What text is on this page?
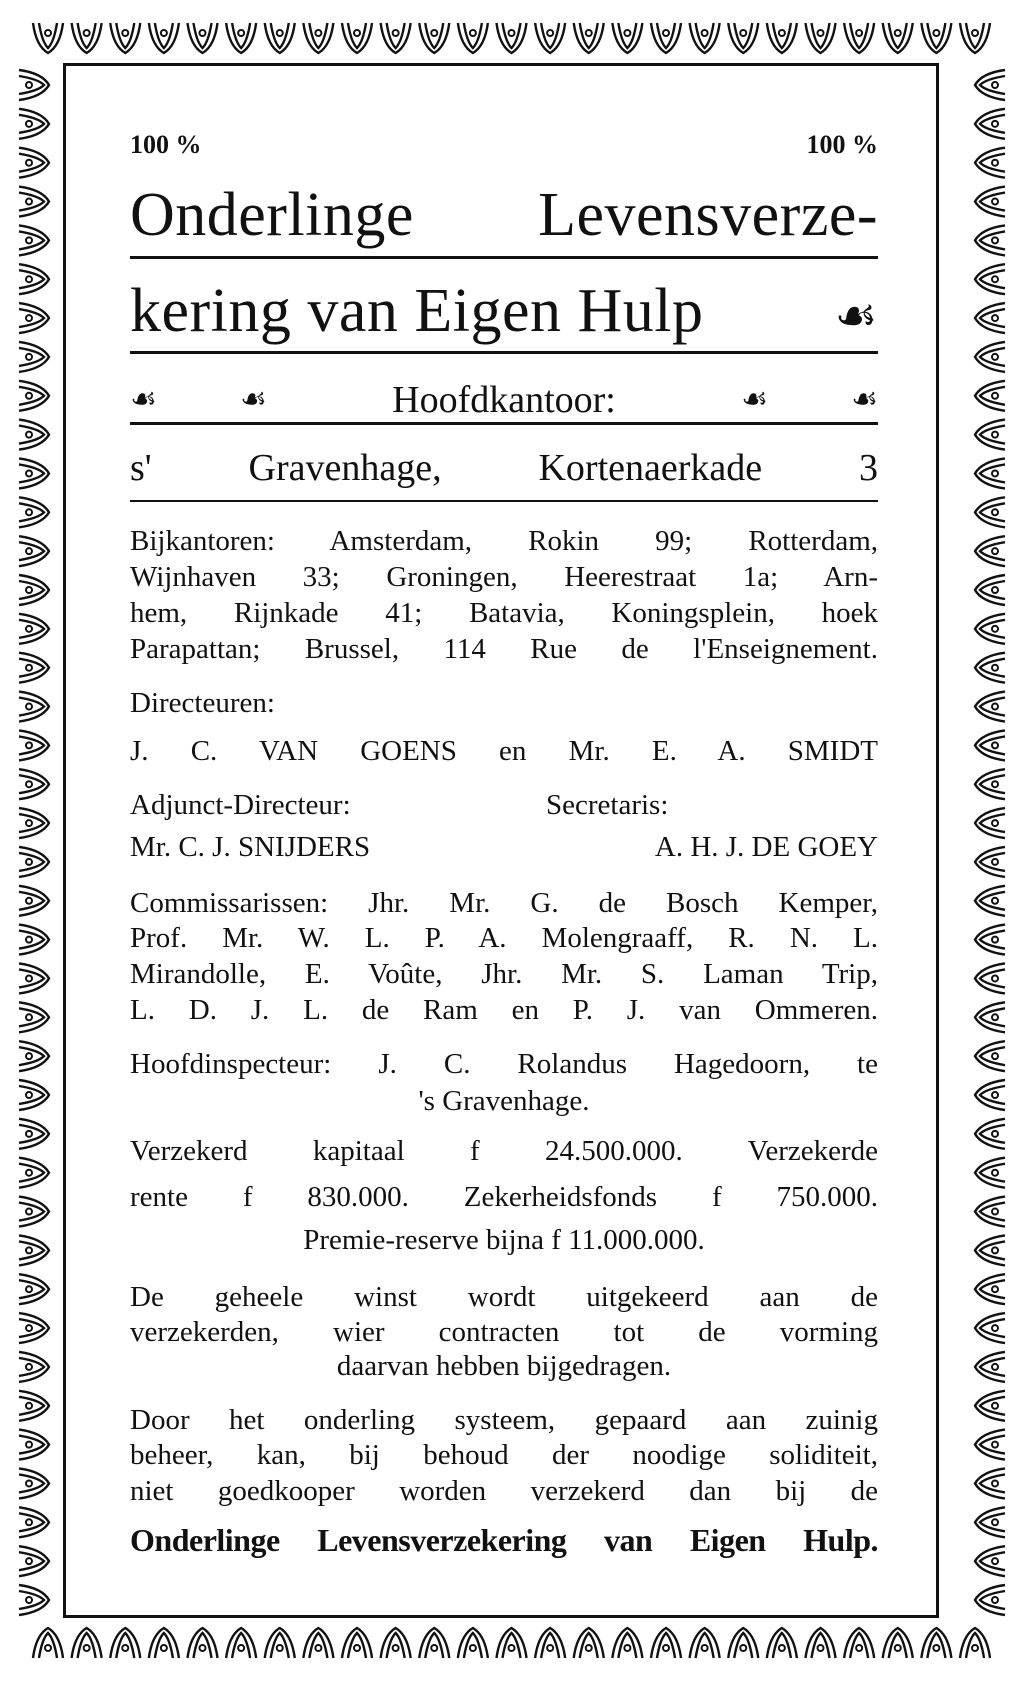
100 %	100 %
Onderlinge Levensverze-
kering van Eigen Hulp	☙
☙	☙	Hoofdkantoor:	☙	☙
s' Gravenhage, Kortenaerkade 3
Bijkantoren: Amsterdam, Rokin 99; Rotterdam,
Wijnhaven 33; Groningen, Heerestraat 1a; Arn-
hem, Rijnkade 41; Batavia, Koningsplein, hoek
Parapattan; Brussel, 114 Rue de l'Enseignement.
Directeuren:
J. C. VAN GOENS en Mr. E. A. SMIDT
Adjunct-Directeur:	Secretaris:
Mr. C. J. SNIJDERS	A. H. J. DE GOEY
Commissarissen: Jhr. Mr. G. de Bosch Kemper,
Prof. Mr. W. L. P. A. Molengraaff, R. N. L.
Mirandolle, E. Voûte, Jhr. Mr. S. Laman Trip,
L. D. J. L. de Ram en P. J. van Ommeren.
Hoofdinspecteur: J. C. Rolandus Hagedoorn, te
's Gravenhage.
Verzekerd kapitaal f 24.500.000. Verzekerde
rente f 830.000. Zekerheidsfonds f 750.000.
Premie-reserve bijna f 11.000.000.
De geheele winst wordt uitgekeerd aan de
verzekerden, wier contracten tot de vorming
daarvan hebben bijgedragen.
Door het onderling systeem, gepaard aan zuinig
beheer, kan, bij behoud der noodige soliditeit,
niet goedkooper worden verzekerd dan bij de
Onderlinge Levensverzekering van Eigen Hulp.
